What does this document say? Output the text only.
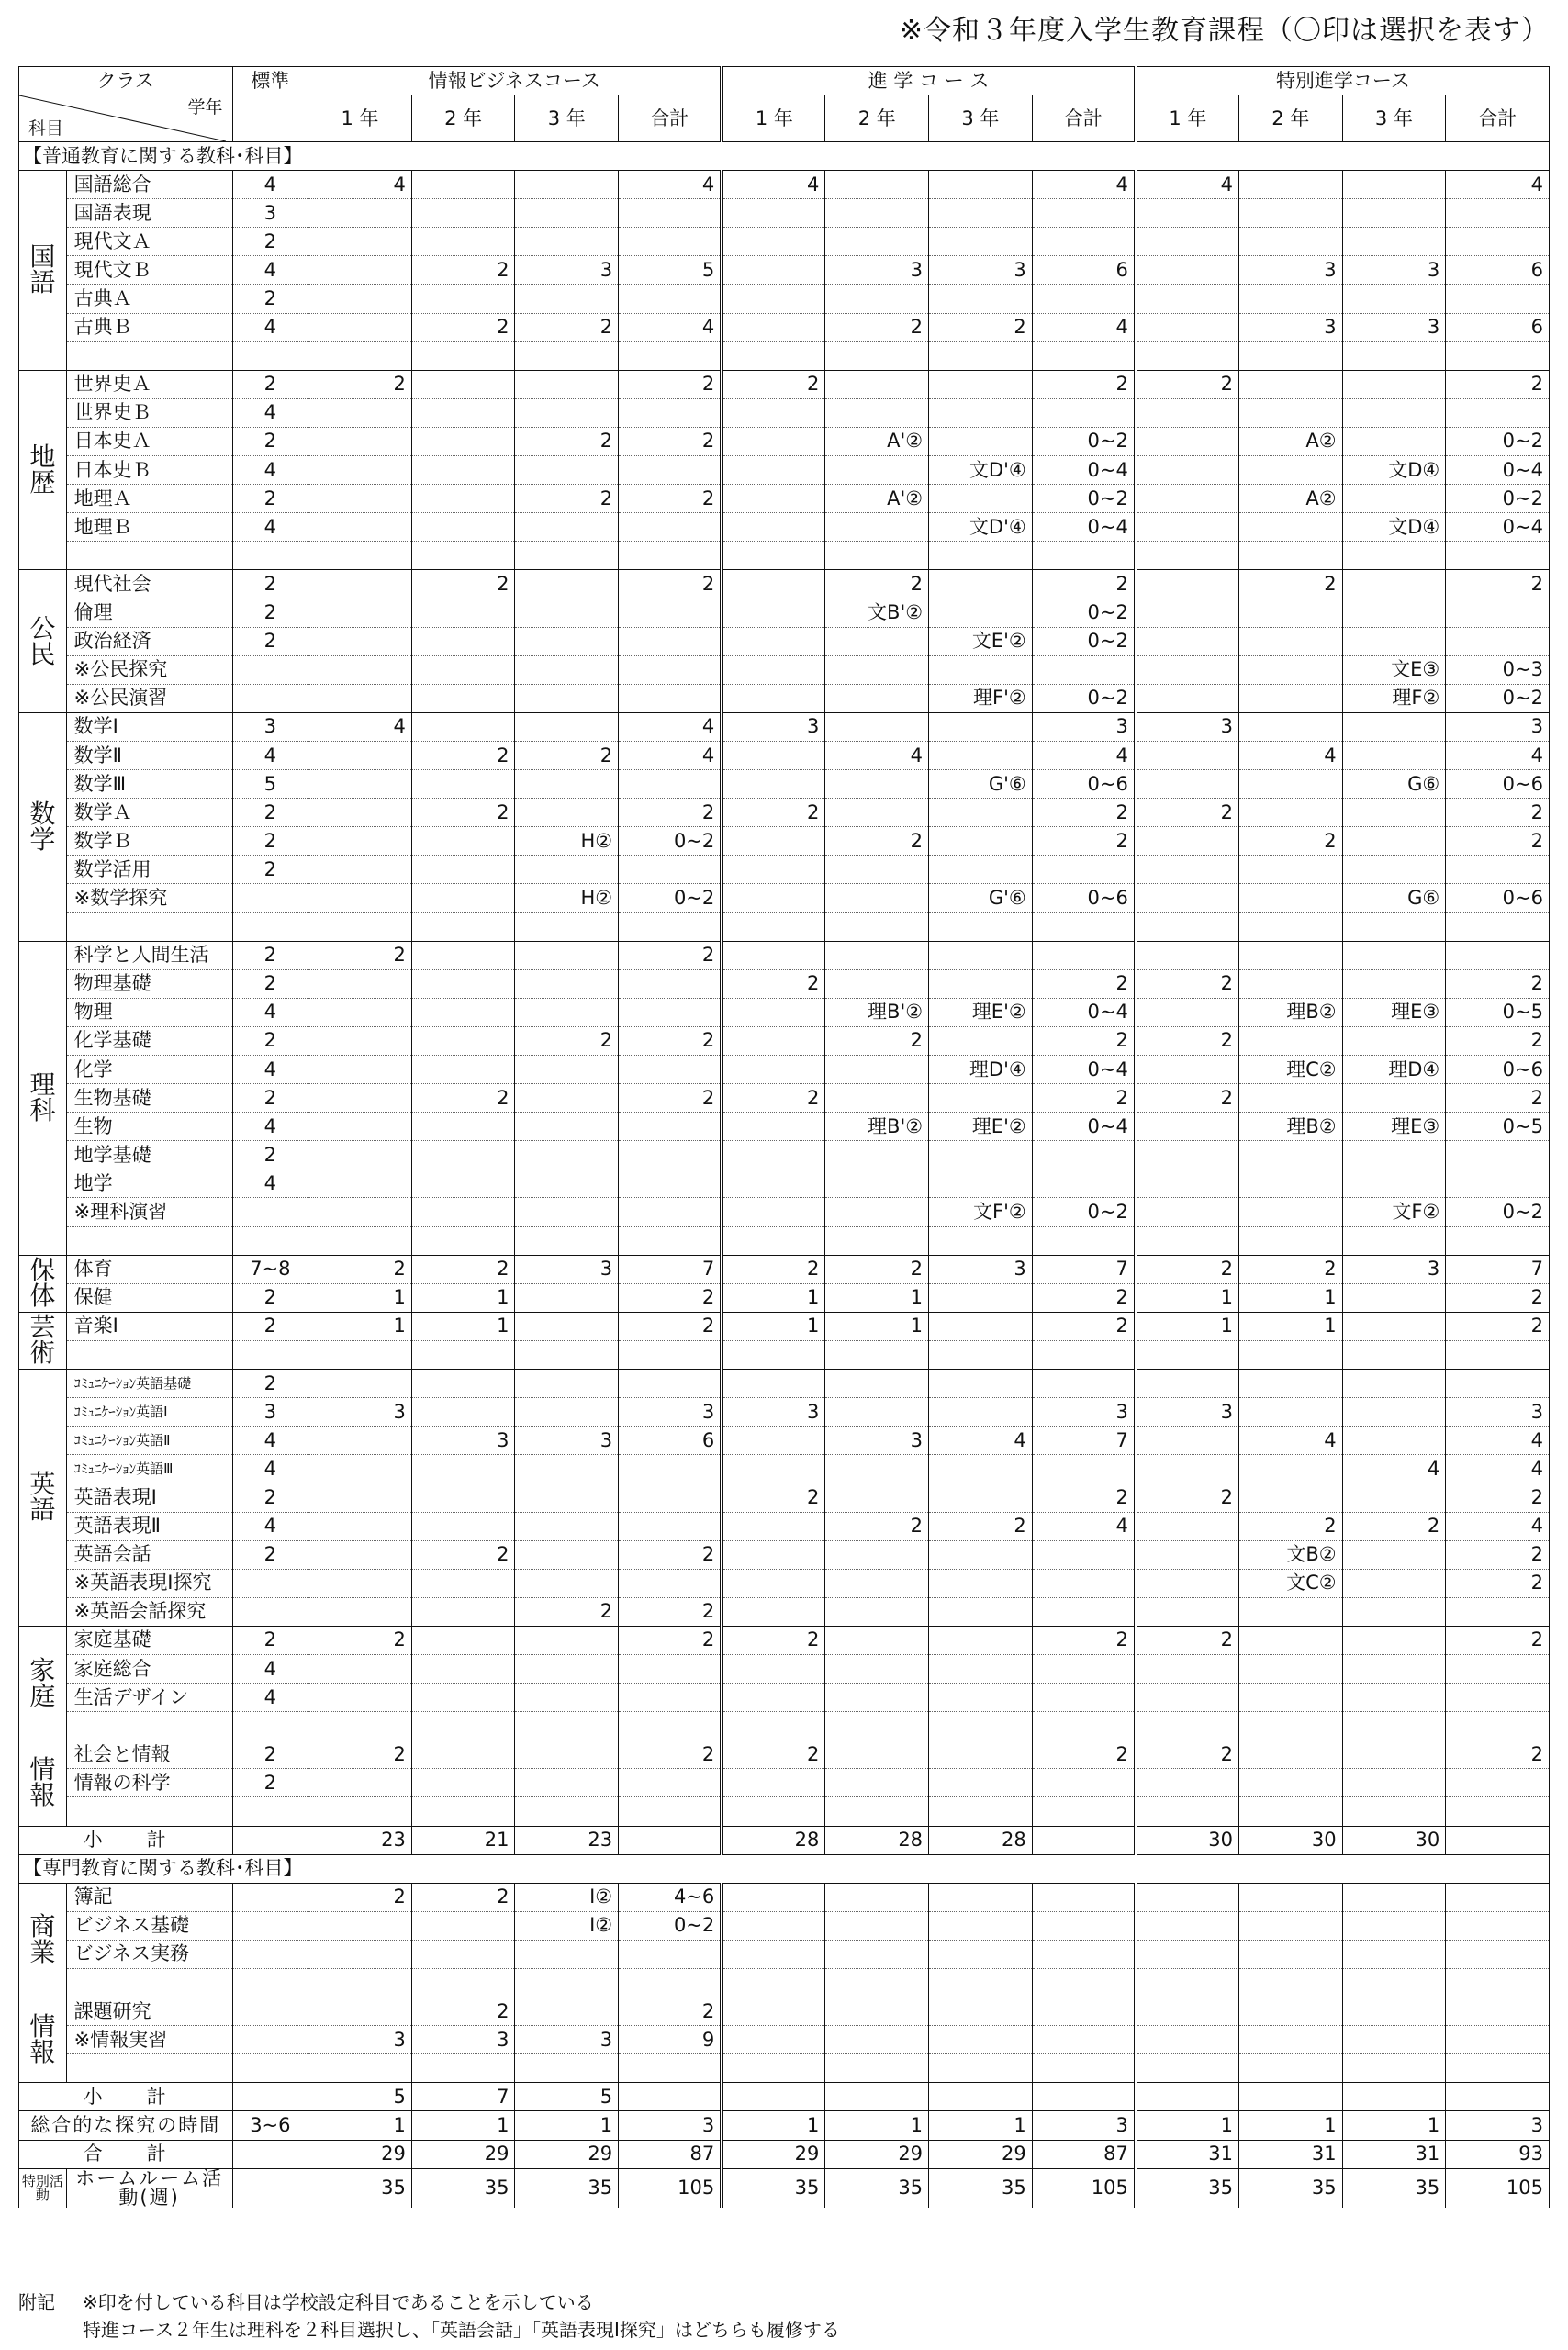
※令和３年度入学生教育課程（〇印は選択を表す）
クラス		標準	情報ビジネスコース				進 学 コ ー ス				特別進学コース			

学年
科目			1 年	2 年	3 年	合計	1 年	2 年	3 年	合計	1 年	2 年	3 年	合計
【普通教育に関する教科･科目】														
国語	国語総合	4	4			4	4			4	4			4
	国語表現	3												
	現代文Ａ	2												
	現代文Ｂ	4		2	3	5		3	3	6		3	3	6
	古典Ａ	2												
	古典Ｂ	4		2	2	4		2	2	4		3	3	6

地歴	世界史Ａ	2	2			2	2			2	2			2
	世界史Ｂ	4												
	日本史Ａ	2			2	2		A'②		0~2		A②		0~2
	日本史Ｂ	4							文D'④	0~4			文D④	0~4
	地理Ａ	2			2	2		A'②		0~2		A②		0~2
	地理Ｂ	4							文D'④	0~4			文D④	0~4

公民	現代社会	2		2		2		2		2		2		2
	倫理	2						文B'②		0~2				
	政治経済	2							文E'②	0~2				
	※公民探究												文E③	0~3
	※公民演習								理F'②	0~2			理F②	0~2
数学	数学Ⅰ	3	4			4	3			3	3			3
	数学Ⅱ	4		2	2	4		4		4		4		4
	数学Ⅲ	5							G'⑥	0~6			G⑥	0~6
	数学Ａ	2		2		2	2			2	2			2
	数学Ｂ	2			H②	0~2		2		2		2		2
	数学活用	2												
	※数学探究				H②	0~2			G'⑥	0~6			G⑥	0~6

理科	科学と人間生活	2	2			2								
	物理基礎	2					2			2	2			2
	物理	4						理B'②	理E'②	0~4		理B②	理E③	0~5
	化学基礎	2			2	2		2		2	2			2
	化学	4							理D'④	0~4		理C②	理D④	0~6
	生物基礎	2		2		2	2			2	2			2
	生物	4						理B'②	理E'②	0~4		理B②	理E③	0~5
	地学基礎	2												
	地学	4												
	※理科演習								文F'②	0~2			文F②	0~2

保体	体育	7~8	2	2	3	7	2	2	3	7	2	2	3	7
	保健	2	1	1		2	1	1		2	1	1		2
芸術	音楽Ⅰ	2	1	1		2	1	1		2	1	1		2

英語	ｺﾐｭﾆｹｰｼｮﾝ英語基礎	2												
	ｺﾐｭﾆｹｰｼｮﾝ英語Ⅰ	3	3			3	3			3	3			3
	ｺﾐｭﾆｹｰｼｮﾝ英語Ⅱ	4		3	3	6		3	4	7		4		4
	ｺﾐｭﾆｹｰｼｮﾝ英語Ⅲ	4											4	4
	英語表現Ⅰ	2					2			2	2			2
	英語表現Ⅱ	4						2	2	4		2	2	4
	英語会話	2		2		2						文B②		2
	※英語表現Ⅰ探究											文C②		2
	※英語会話探究				2	2								
家庭	家庭基礎	2	2			2	2			2	2			2
	家庭総合	4												
	生活デザイン	4												

情報	社会と情報	2	2			2	2			2	2			2
	情報の科学	2												

小　　計			23	21	23		28	28	28		30	30	30	
【専門教育に関する教科･科目】														
商業	簿記		2	2	I②	4~6								
	ビジネス基礎				I②	0~2								
	ビジネス実務													

情報	課題研究			2		2								
	※情報実習		3	3	3	9								

小　　計			5	7	5									
総合的な探究の時間		3~6	1	1	1	3	1	1	1	3	1	1	1	3
合　　計			29	29	29	87	29	29	29	87	31	31	31	93
特別活動	ホームルーム活動(週)		35	35	35	105	35	35	35	105	35	35	35	105
附記 ※印を付している科目は学校設定科目であることを示している
特進コース２年生は理科を２科目選択し、「英語会話」「英語表現Ⅰ探究」はどちらも履修する
